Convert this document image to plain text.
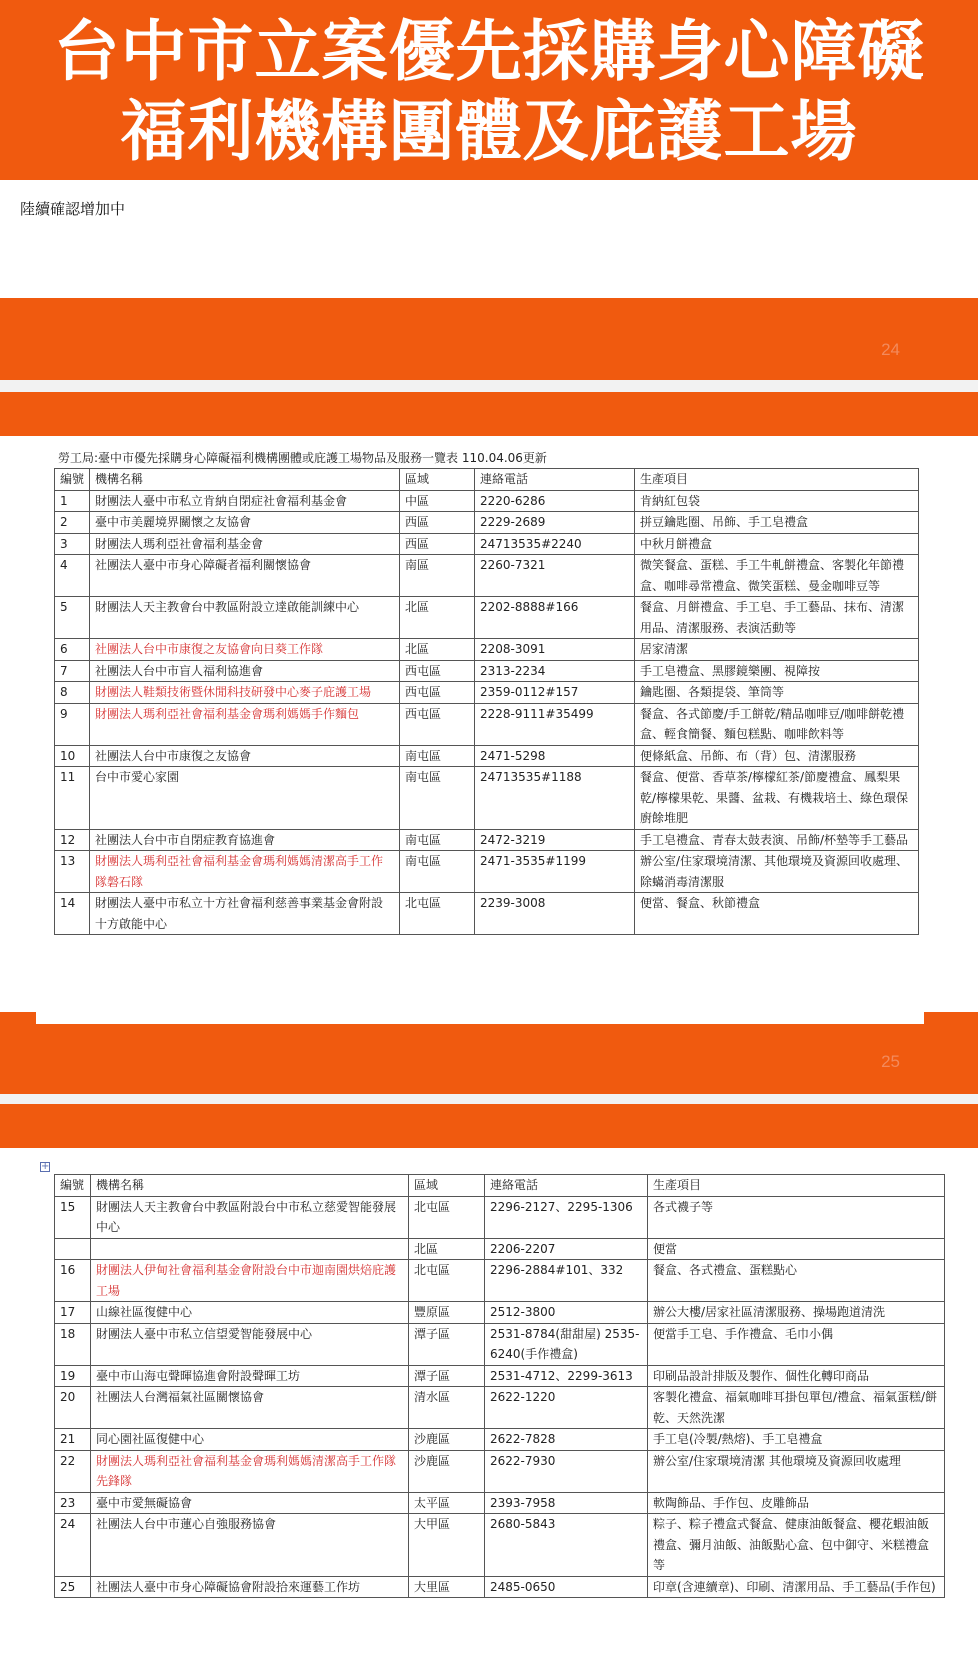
台中市立案優先採購身心障礙
福利機構團體及庇護工場
陸續確認增加中
24
25
勞工局:臺中市優先採購身心障礙福利機構團體或庇護工場物品及服務一覽表 110.04.06更新
編號	機構名稱	區域	連絡電話	生產項目
1	財團法人臺中市私立肯納自閉症社會福利基金會	中區	2220-6286	肯納紅包袋
2	臺中市美麗境界關懷之友協會	西區	2229-2689	拼豆鑰匙圈、吊飾、手工皂禮盒
3	財團法人瑪利亞社會福利基金會	西區	24713535#2240	中秋月餅禮盒
4	社團法人臺中市身心障礙者福利關懷協會	南區	2260-7321	微笑餐盒、蛋糕、手工牛軋餅禮盒、客製化年節禮盒、咖啡尋常禮盒、微笑蛋糕、曼金咖啡豆等
5	財團法人天主教會台中教區附設立達啟能訓練中心	北區	2202-8888#166	餐盒、月餅禮盒、手工皂、手工藝品、抹布、清潔用品、清潔服務、表演活動等
6	社團法人台中市康復之友協會向日葵工作隊	北區	2208-3091	居家清潔
7	社團法人台中市盲人福利協進會	西屯區	2313-2234	手工皂禮盒、黑膠鏡樂團、視障按
8	財團法人鞋類技術暨休閒科技研發中心麥子庇護工場	西屯區	2359-0112#157	鑰匙圈、各類提袋、筆筒等
9	財團法人瑪利亞社會福利基金會瑪利媽媽手作麵包	西屯區	2228-9111#35499	餐盒、各式節慶/手工餅乾/精品咖啡豆/咖啡餅乾禮盒、輕食簡餐、麵包糕點、咖啡飲料等
10	社團法人台中市康復之友協會	南屯區	2471-5298	便條紙盒、吊飾、布（背）包、清潔服務
11	台中市愛心家園	南屯區	24713535#1188	餐盒、便當、香草茶/檸檬紅茶/節慶禮盒、鳳梨果乾/檸檬果乾、果醬、盆栽、有機栽培土、綠色環保廚餘堆肥
12	社團法人台中市自閉症教育協進會	南屯區	2472-3219	手工皂禮盒、青春太鼓表演、吊飾/杯墊等手工藝品
13	財團法人瑪利亞社會福利基金會瑪利媽媽清潔高手工作隊磐石隊	南屯區	2471-3535#1199	辦公室/住家環境清潔、其他環境及資源回收處理、除蟎消毒清潔服
14	財團法人臺中市私立十方社會福利慈善事業基金會附設十方啟能中心	北屯區	2239-3008	便當、餐盒、秋節禮盒
+
編號	機構名稱	區域	連絡電話	生產項目
15	財團法人天主教會台中教區附設台中市私立慈愛智能發展中心	北屯區	2296-2127、2295-1306	各式襪子等
		北區	2206-2207	便當
16	財團法人伊甸社會福利基金會附設台中市迦南園烘焙庇護工場	北屯區	2296-2884#101、332	餐盒、各式禮盒、蛋糕點心
17	山線社區復健中心	豐原區	2512-3800	辦公大樓/居家社區清潔服務、操場跑道清洗
18	財團法人臺中市私立信望愛智能發展中心	潭子區	2531-8784(甜甜屋) 2535-6240(手作禮盒)	便當手工皂、手作禮盒、毛巾小偶
19	臺中市山海屯聲暉協進會附設聲暉工坊	潭子區	2531-4712、2299-3613	印刷品設計排版及製作、個性化轉印商品
20	社團法人台灣福氣社區關懷協會	清水區	2622-1220	客製化禮盒、福氣咖啡耳掛包單包/禮盒、福氣蛋糕/餅乾、天然洗潔
21	同心園社區復健中心	沙鹿區	2622-7828	手工皂(冷製/熱熔)、手工皂禮盒
22	財團法人瑪利亞社會福利基金會瑪利媽媽清潔高手工作隊先鋒隊	沙鹿區	2622-7930	辦公室/住家環境清潔 其他環境及資源回收處理
23	臺中市愛無礙協會	太平區	2393-7958	軟陶飾品、手作包、皮雕飾品
24	社團法人台中市蓮心自強服務協會	大甲區	2680-5843	粽子、粽子禮盒式餐盒、健康油飯餐盒、櫻花蝦油飯禮盒、彌月油飯、油飯點心盒、包中御守、米糕禮盒 等
25	社團法人臺中市身心障礙協會附設拾來運藝工作坊	大里區	2485-0650	印章(含連續章)、印刷、清潔用品、手工藝品(手作包)
